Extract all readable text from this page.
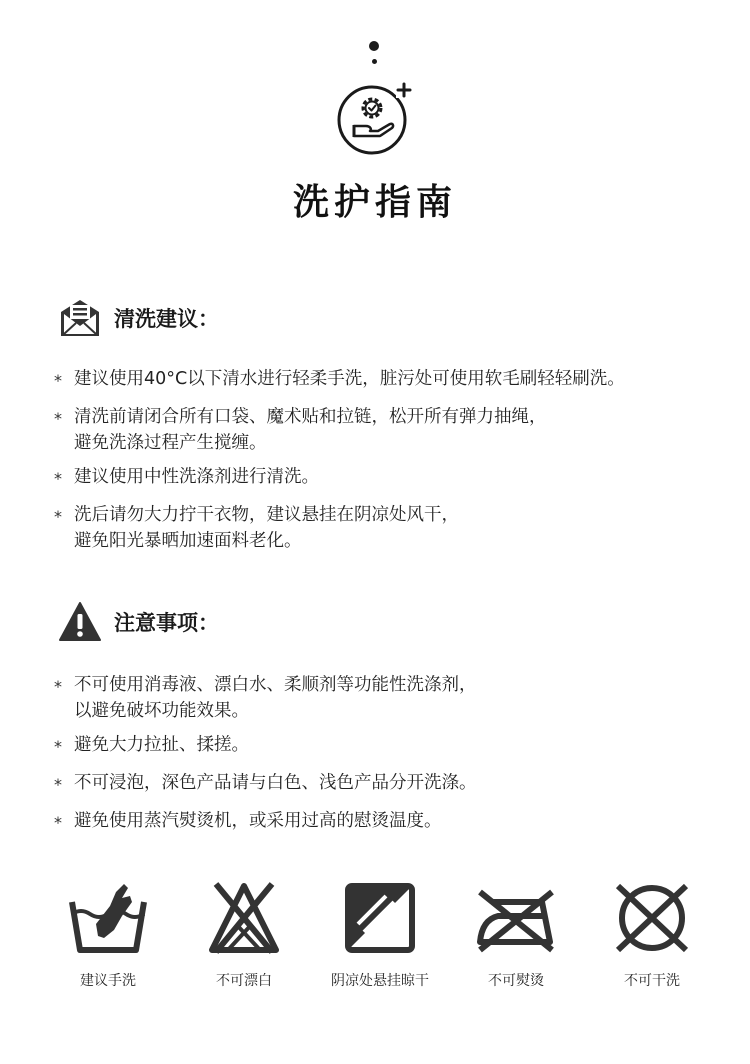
洗护指南
清洗建议：
* 建议使用40°C以下清水进行轻柔手洗，脏污处可使用软毛刷轻轻刷洗。
* 清洗前请闭合所有口袋、魔术贴和拉链，松开所有弹力抽绳，
避免洗涤过程产生搅缠。
* 建议使用中性洗涤剂进行清洗。
* 洗后请勿大力拧干衣物，建议悬挂在阴凉处风干，
避免阳光暴晒加速面料老化。
注意事项：
* 不可使用消毒液、漂白水、柔顺剂等功能性洗涤剂，
以避免破坏功能效果。
* 避免大力拉扯、揉搓。
* 不可浸泡，深色产品请与白色、浅色产品分开洗涤。
* 避免使用蒸汽熨烫机，或采用过高的慰烫温度。
建议手洗	不可漂白	阴凉处悬挂晾干	不可熨烫	不可干洗
